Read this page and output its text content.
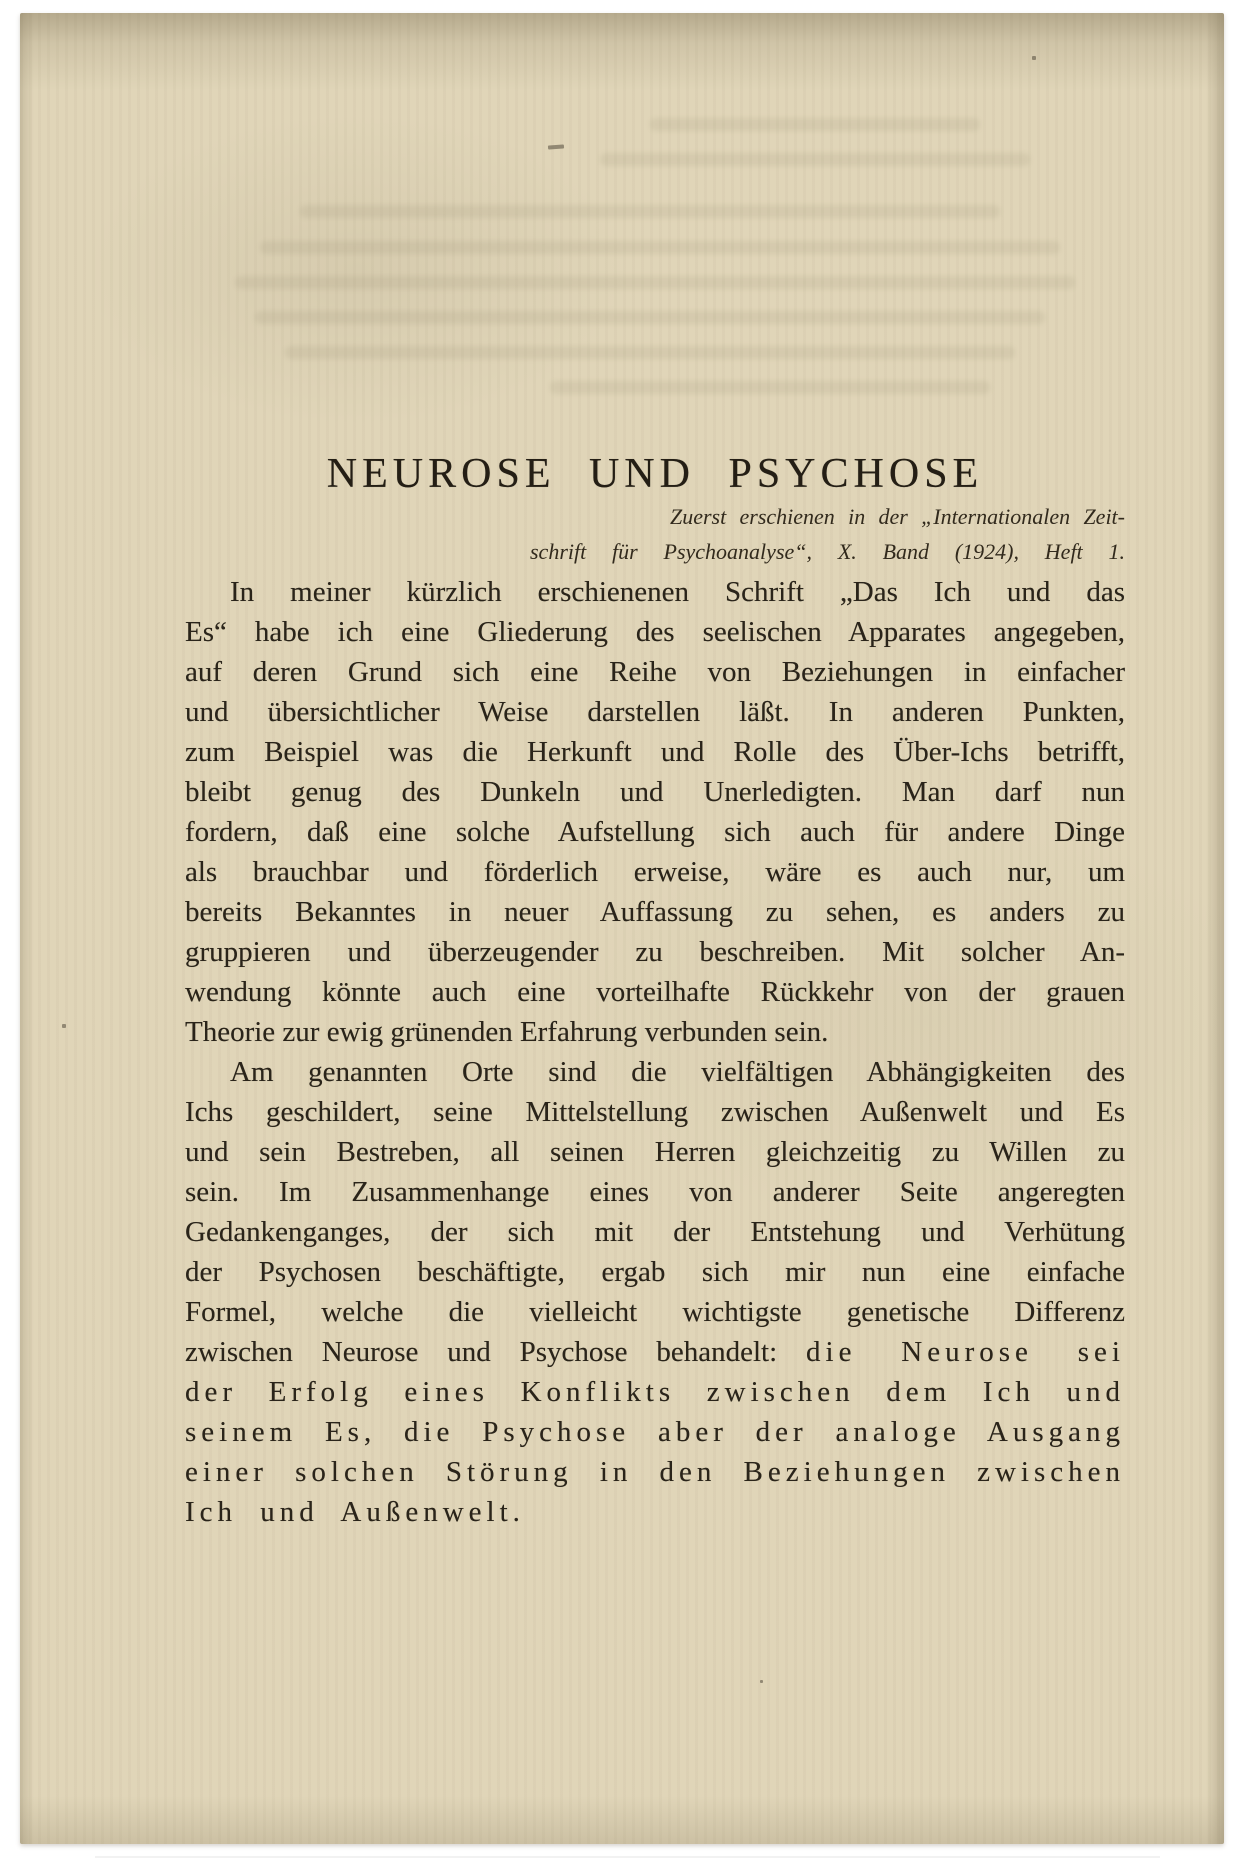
NEUROSE UND PSYCHOSE
Zuerst erschienen in der „Internationalen Zeit-
schrift für Psychoanalyse“, X. Band (1924), Heft 1.
In meiner kürzlich erschienenen Schrift „Das Ich und das
Es“ habe ich eine Gliederung des seelischen Apparates angegeben,
auf deren Grund sich eine Reihe von Beziehungen in einfacher
und übersichtlicher Weise darstellen läßt. In anderen Punkten,
zum Beispiel was die Herkunft und Rolle des Über-Ichs betrifft,
bleibt genug des Dunkeln und Unerledigten. Man darf nun
fordern, daß eine solche Aufstellung sich auch für andere Dinge
als brauchbar und förderlich erweise, wäre es auch nur, um
bereits Bekanntes in neuer Auffassung zu sehen, es anders zu
gruppieren und überzeugender zu beschreiben. Mit solcher An-
wendung könnte auch eine vorteilhafte Rückkehr von der grauen
Theorie zur ewig grünenden Erfahrung verbunden sein.
Am genannten Orte sind die vielfältigen Abhängigkeiten des
Ichs geschildert, seine Mittelstellung zwischen Außenwelt und Es
und sein Bestreben, all seinen Herren gleichzeitig zu Willen zu
sein. Im Zusammenhange eines von anderer Seite angeregten
Gedankenganges, der sich mit der Entstehung und Verhütung
der Psychosen beschäftigte, ergab sich mir nun eine einfache
Formel, welche die vielleicht wichtigste genetische Differenz
zwischen Neurose und Psychose behandelt: die Neurose sei
der Erfolg eines Konflikts zwischen dem Ich und
seinem Es, die Psychose aber der analoge Ausgang
einer solchen Störung in den Beziehungen zwischen
Ich und Außenwelt.
